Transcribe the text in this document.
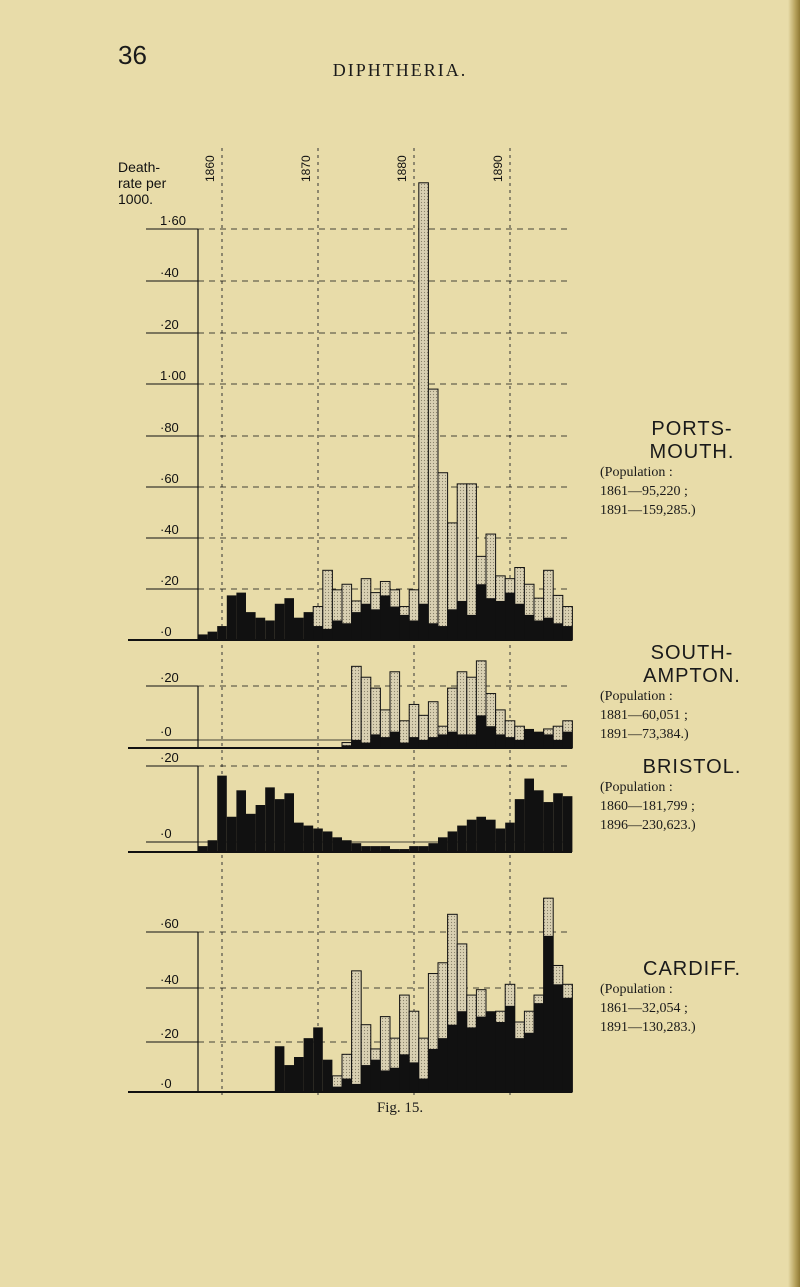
36	DIPHTHERIA.
1860	1870	1880	1890
Death-
rate per
1000.
1·60
·40
·20
1·00
·80
·60
·40
·20
·0
·20
·0
·20
·0
·60
·40
·20
·0
PORTS-
MOUTH.
(Population :
1861—95,220 ;
1891—159,285.)
SOUTH-
AMPTON.
(Population :
1881—60,051 ;
1891—73,384.)
BRISTOL.
(Population :
1860—181,799 ;
1896—230,623.)
CARDIFF.
(Population :
1861—32,054 ;
1891—130,283.)
Fig. 15.
